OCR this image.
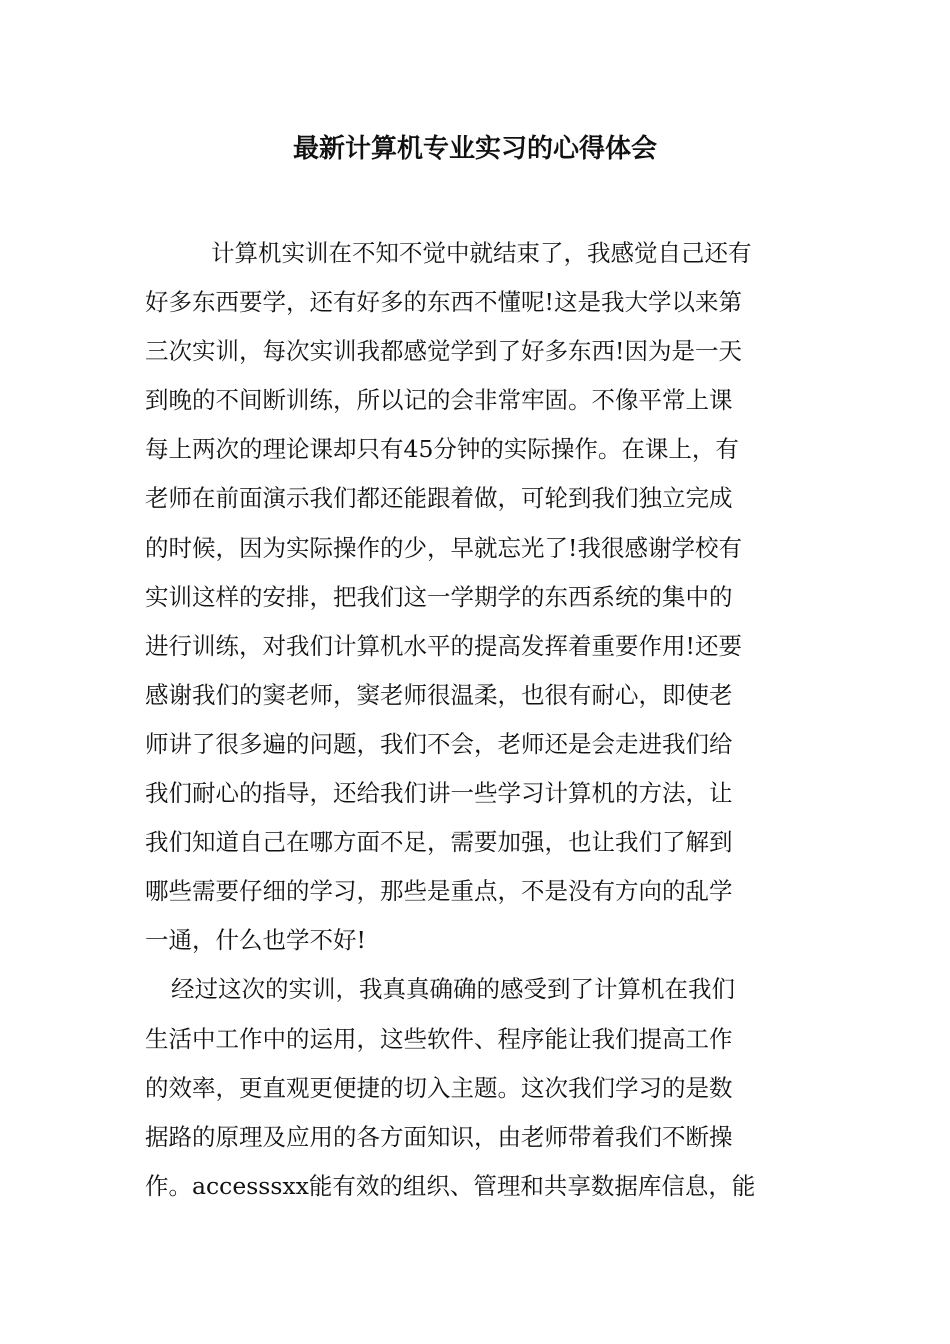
最新计算机专业实习的心得体会
计算机实训在不知不觉中就结束了，我感觉自己还有
好多东西要学，还有好多的东西不懂呢!这是我大学以来第
三次实训，每次实训我都感觉学到了好多东西!因为是一天
到晚的不间断训练，所以记的会非常牢固。不像平常上课
每上两次的理论课却只有45分钟的实际操作。在课上，有
老师在前面演示我们都还能跟着做，可轮到我们独立完成
的时候，因为实际操作的少，早就忘光了!我很感谢学校有
实训这样的安排，把我们这一学期学的东西系统的集中的
进行训练，对我们计算机水平的提高发挥着重要作用!还要
感谢我们的窦老师，窦老师很温柔，也很有耐心，即使老
师讲了很多遍的问题，我们不会，老师还是会走进我们给
我们耐心的指导，还给我们讲一些学习计算机的方法，让
我们知道自己在哪方面不足，需要加强，也让我们了解到
哪些需要仔细的学习，那些是重点，不是没有方向的乱学
一通，什么也学不好!
经过这次的实训，我真真确确的感受到了计算机在我们
生活中工作中的运用，这些软件、程序能让我们提高工作
的效率，更直观更便捷的切入主题。这次我们学习的是数
据路的原理及应用的各方面知识，由老师带着我们不断操
作。accesssxx能有效的组织、管理和共享数据库信息，能
